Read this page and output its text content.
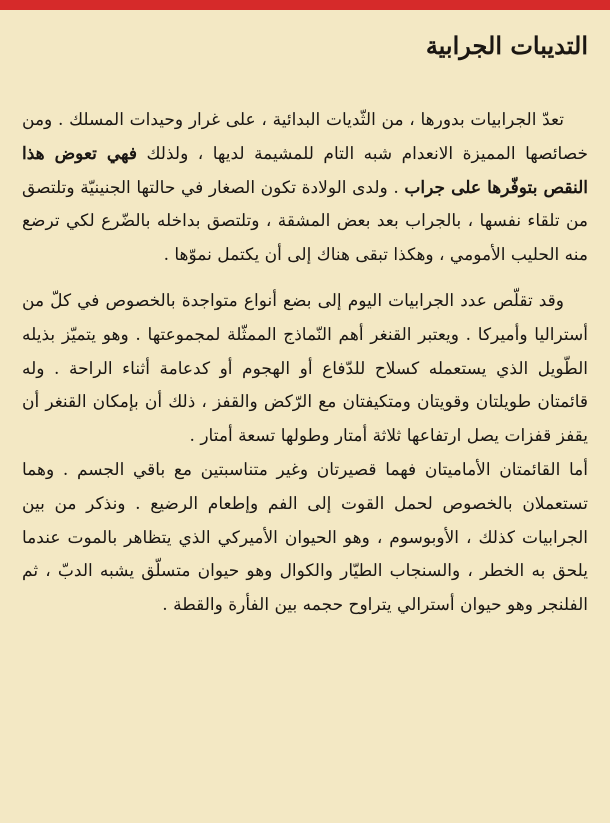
التديبات الجرابية

تعدّ الجرابيات بدورها ، من الثّديات البدائية ، على غرار وحيدات المسلك . ومن خصائصها المميزة الانعدام شبه التام للمشيمة لديها ، ولذلك فهي تعوض هذا النقص بتوفّرها على جراب . ولدى الولادة تكون الصغار في حالتها الجنينيّة وتلتصق من تلقاء نفسها ، بالجراب بعد بعض المشقة ، وتلتصق بداخله بالضّرع لكي ترضع منه الحليب الأمومي ، وهكذا تبقى هناك إلى أن يكتمل نموّها .

وقد تقلّص عدد الجرابيات اليوم إلى بضع أنواع متواجدة بالخصوص في كلّ من أستراليا وأميركا . ويعتبر القنغر أهم النّماذج الممثّلة لمجموعتها . وهو يتميّز بذيله الطّويل الذي يستعمله كسلاح للدّفاع أو الهجوم أو كدعامة أثناء الراحة . وله قائمتان طويلتان وقويتان ومتكيفتان مع الرّكض والقفز ، ذلك أن بإمكان القنغر أن يقفز قفزات يصل ارتفاعها ثلاثة أمتار وطولها تسعة أمتار .

أما القائمتان الأماميتان فهما قصيرتان وغير متناسبتين مع باقي الجسم . وهما تستعملان بالخصوص لحمل القوت إلى الفم وإطعام الرضيع . ونذكر من بين الجرابيات كذلك ، الأوبوسوم ، وهو الحيوان الأميركي الذي يتظاهر بالموت عندما يلحق به الخطر ، والسنجاب الطيّار والكوال وهو حيوان متسلّق يشبه الدبّ ، ثم الفلنجر وهو حيوان أسترالي يتراوح حجمه بين الفأرة والقطة .
